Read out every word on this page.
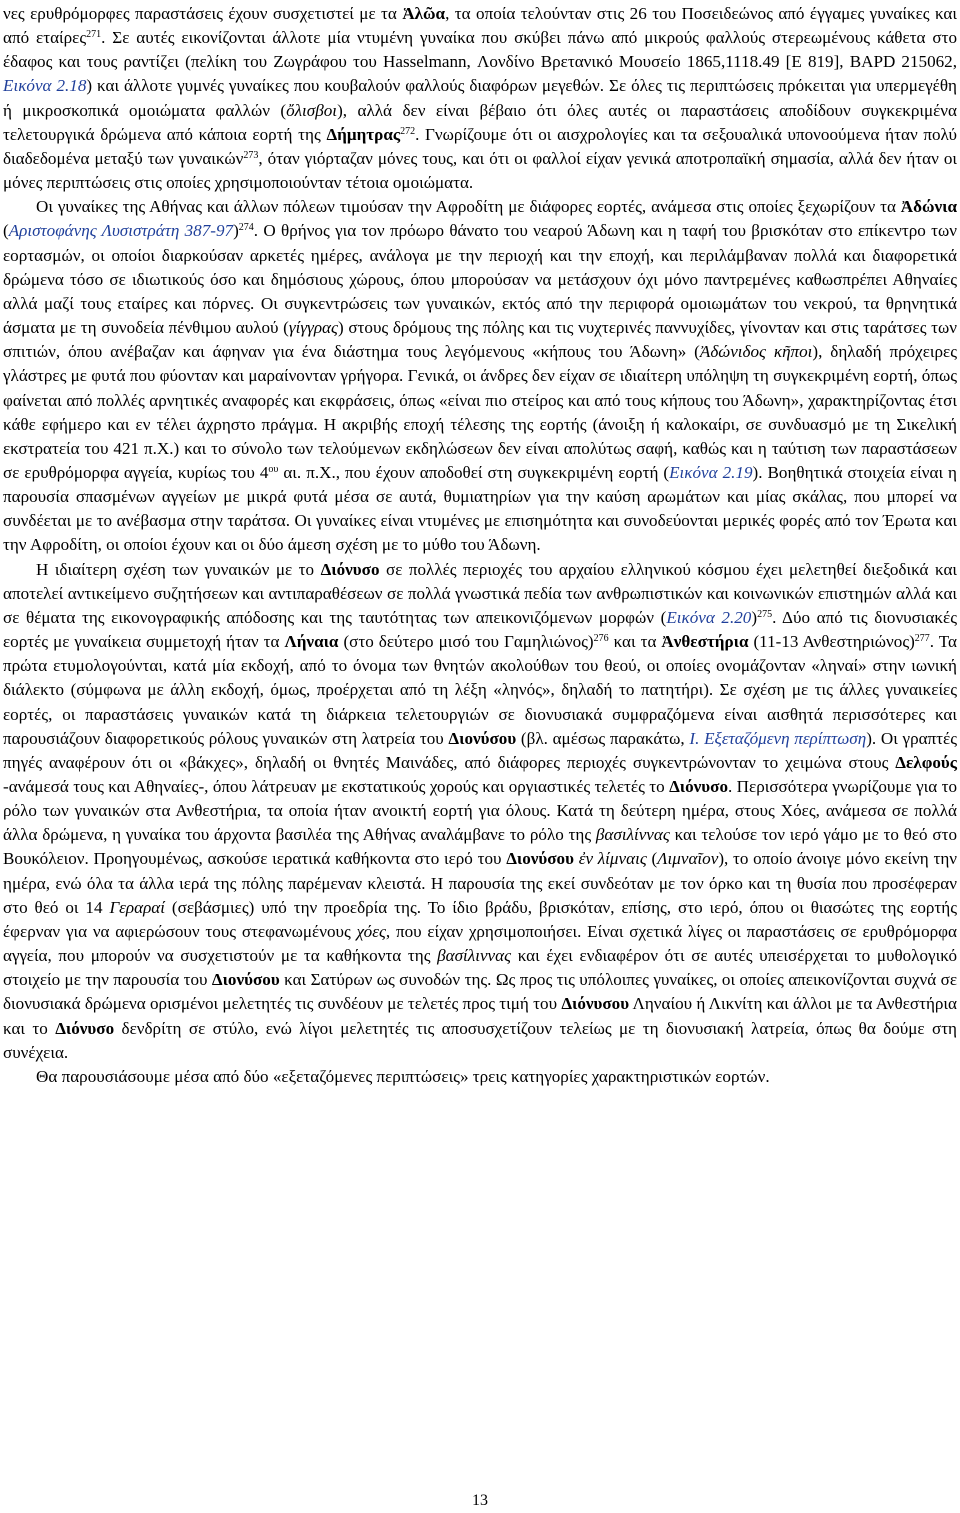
νες ερυθρόμορφες παραστάσεις έχουν συσχετιστεί με τα Ἁλῶα, τα οποία τελούνταν στις 26 του Ποσειδεώνος από έγγαμες γυναίκες και από εταίρες$^{271}$. Σε αυτές εικονίζονται άλλοτε μία ντυμένη γυναίκα που σκύβει πάνω από μικρούς φαλλούς στερεωμένους κάθετα στο έδαφος και τους ραντίζει (πελίκη του Ζωγράφου του Hasselmann, Λονδίνο Βρετανικό Μουσείο 1865,1118.49 [E 819], BAPD 215062, Εικόνα 2.18) και άλλοτε γυμνές γυναίκες που κουβαλούν φαλλούς διαφόρων μεγεθών. Σε όλες τις περιπτώσεις πρόκειται για υπερμεγέθη ή μικροσκοπικά ομοιώματα φαλλών (ὄλισβοι), αλλά δεν είναι βέβαιο ότι όλες αυτές οι παραστάσεις αποδίδουν συγκεκριμένα τελετουργικά δρώμενα από κάποια εορτή της Δήμητρας$^{272}$. Γνωρίζουμε ότι οι αισχρολογίες και τα σεξουαλικά υπονοούμενα ήταν πολύ διαδεδομένα μεταξύ των γυναικών$^{273}$, όταν γιόρταζαν μόνες τους, και ότι οι φαλλοί είχαν γενικά αποτροπαϊκή σημασία, αλλά δεν ήταν οι μόνες περιπτώσεις στις οποίες χρησιμοποιούνταν τέτοια ομοιώματα.

Οι γυναίκες της Αθήνας και άλλων πόλεων τιμούσαν την Αφροδίτη με διάφορες εορτές, ανάμεσα στις οποίες ξεχωρίζουν τα Ἀδώνια (Αριστοφάνης Λυσιστράτη 387-97)$^{274}$. Ο θρήνος για τον πρόωρο θάνατο του νεαρού Άδωνη και η ταφή του βρισκόταν στο επίκεντρο των εορτασμών, οι οποίοι διαρκούσαν αρκετές ημέρες, ανάλογα με την περιοχή και την εποχή, και περιλάμβαναν πολλά και διαφορετικά δρώμενα τόσο σε ιδιωτικούς όσο και δημόσιους χώρους, όπου μπορούσαν να μετάσχουν όχι μόνο παντρεμένες καθωσπρέπει Αθηναίες αλλά μαζί τους εταίρες και πόρνες. Οι συγκεντρώσεις των γυναικών, εκτός από την περιφορά ομοιωμάτων του νεκρού, τα θρηνητικά άσματα με τη συνοδεία πένθιμου αυλού (γίγγρας) στους δρόμους της πόλης και τις νυχτερινές παννυχίδες, γίνονταν και στις ταράτσες των σπιτιών, όπου ανέβαζαν και άφηναν για ένα διάστημα τους λεγόμενους «κήπους του Άδωνη» (Ἀδώνιδος κῆποι), δηλαδή πρόχειρες γλάστρες με φυτά που φύονταν και μαραίνονταν γρήγορα. Γενικά, οι άνδρες δεν είχαν σε ιδιαίτερη υπόληψη τη συγκεκριμένη εορτή, όπως φαίνεται από πολλές αρνητικές αναφορές και εκφράσεις, όπως «είναι πιο στείρος και από τους κήπους του Άδωνη», χαρακτηρίζοντας έτσι κάθε εφήμερο και εν τέλει άχρηστο πράγμα. Η ακριβής εποχή τέλεσης της εορτής (άνοιξη ή καλοκαίρι, σε συνδυασμό με τη Σικελική εκστρατεία του 421 π.Χ.) και το σύνολο των τελούμενων εκδηλώσεων δεν είναι απολύτως σαφή, καθώς και η ταύτιση των παραστάσεων σε ερυθρόμορφα αγγεία, κυρίως του $4^{o\upsilon}$ αι. π.Χ., που έχουν αποδοθεί στη συγκεκριμένη εορτή (Εικόνα 2.19). Βοηθητικά στοιχεία είναι η παρουσία σπασμένων αγγείων με μικρά φυτά μέσα σε αυτά, θυμιατηρίων για την καύση αρωμάτων και μίας σκάλας, που μπορεί να συνδέεται με το ανέβασμα στην ταράτσα. Οι γυναίκες είναι ντυμένες με επισημότητα και συνοδεύονται μερικές φορές από τον Έρωτα και την Αφροδίτη, οι οποίοι έχουν και οι δύο άμεση σχέση με το μύθο του Άδωνη.

Η ιδιαίτερη σχέση των γυναικών με το Διόνυσο σε πολλές περιοχές του αρχαίου ελληνικού κόσμου έχει μελετηθεί διεξοδικά και αποτελεί αντικείμενο συζητήσεων και αντιπαραθέσεων σε πολλά γνωστικά πεδία των ανθρωπιστικών και κοινωνικών επιστημών αλλά και σε θέματα της εικονογραφικής απόδοσης και της ταυτότητας των απεικονιζόμενων μορφών (Εικόνα 2.20)$^{275}$. Δύο από τις διονυσιακές εορτές με γυναίκεια συμμετοχή ήταν τα Λήναια (στο δεύτερο μισό του Γαμηλιώνος)$^{276}$ και τα Ἀνθεστήρια (11-13 Ανθεστηριώνος)$^{277}$. Τα πρώτα ετυμολογούνται, κατά μία εκδοχή, από το όνομα των θνητών ακολούθων του θεού, οι οποίες ονομάζονταν «ληναί» στην ιωνική διάλεκτο (σύμφωνα με άλλη εκδοχή, όμως, προέρχεται από τη λέξη «ληνός», δηλαδή το πατητήρι). Σε σχέση με τις άλλες γυναικείες εορτές, οι παραστάσεις γυναικών κατά τη διάρκεια τελετουργιών σε διονυσιακά συμφραζόμενα είναι αισθητά περισσότερες και παρουσιάζουν διαφορετικούς ρόλους γυναικών στη λατρεία του Διονύσου (βλ. αμέσως παρακάτω, Ι. Εξεταζόμενη περίπτωση). Οι γραπτές πηγές αναφέρουν ότι οι «βάκχες», δηλαδή οι θνητές Μαινάδες, από διάφορες περιοχές συγκεντρώνονταν το χειμώνα στους Δελφούς -ανάμεσά τους και Αθηναίες-, όπου λάτρευαν με εκστατικούς χορούς και οργιαστικές τελετές το Διόνυσο. Περισσότερα γνωρίζουμε για το ρόλο των γυναικών στα Ανθεστήρια, τα οποία ήταν ανοικτή εορτή για όλους. Κατά τη δεύτερη ημέρα, στους Χόες, ανάμεσα σε πολλά άλλα δρώμενα, η γυναίκα του άρχοντα βασιλέα της Αθήνας αναλάμβανε το ρόλο της βασιλίννας και τελούσε τον ιερό γάμο με το θεό στο Βουκόλειον. Προηγουμένως, ασκούσε ιερατικά καθήκοντα στο ιερό του Διονύσου ἐν λίμναις (Λιμναῖον), το οποίο άνοιγε μόνο εκείνη την ημέρα, ενώ όλα τα άλλα ιερά της πόλης παρέμεναν κλειστά. Η παρουσία της εκεί συνδεόταν με τον όρκο και τη θυσία που προσέφεραν στο θεό οι 14 Γεραραί (σεβάσμιες) υπό την προεδρία της. Το ίδιο βράδυ, βρισκόταν, επίσης, στο ιερό, όπου οι θιασώτες της εορτής έφερναν για να αφιερώσουν τους στεφανωμένους χόες, που είχαν χρησιμοποιήσει. Είναι σχετικά λίγες οι παραστάσεις σε ερυθρόμορφα αγγεία, που μπορούν να συσχετιστούν με τα καθήκοντα της βασίλιννας και έχει ενδιαφέρον ότι σε αυτές υπεισέρχεται το μυθολογικό στοιχείο με την παρουσία του Διονύσου και Σατύρων ως συνοδών της. Ως προς τις υπόλοιπες γυναίκες, οι οποίες απεικονίζονται συχνά σε διονυσιακά δρώμενα ορισμένοι μελετητές τις συνδέουν με τελετές προς τιμή του Διόνυσου Ληναίου ή Λικνίτη και άλλοι με τα Ανθεστήρια και το Διόνυσο δενδρίτη σε στύλο, ενώ λίγοι μελετητές τις αποσυσχετίζουν τελείως με τη διονυσιακή λατρεία, όπως θα δούμε στη συνέχεια.

Θα παρουσιάσουμε μέσα από δύο «εξεταζόμενες περιπτώσεις» τρεις κατηγορίες χαρακτηριστικών εορτών.

13
